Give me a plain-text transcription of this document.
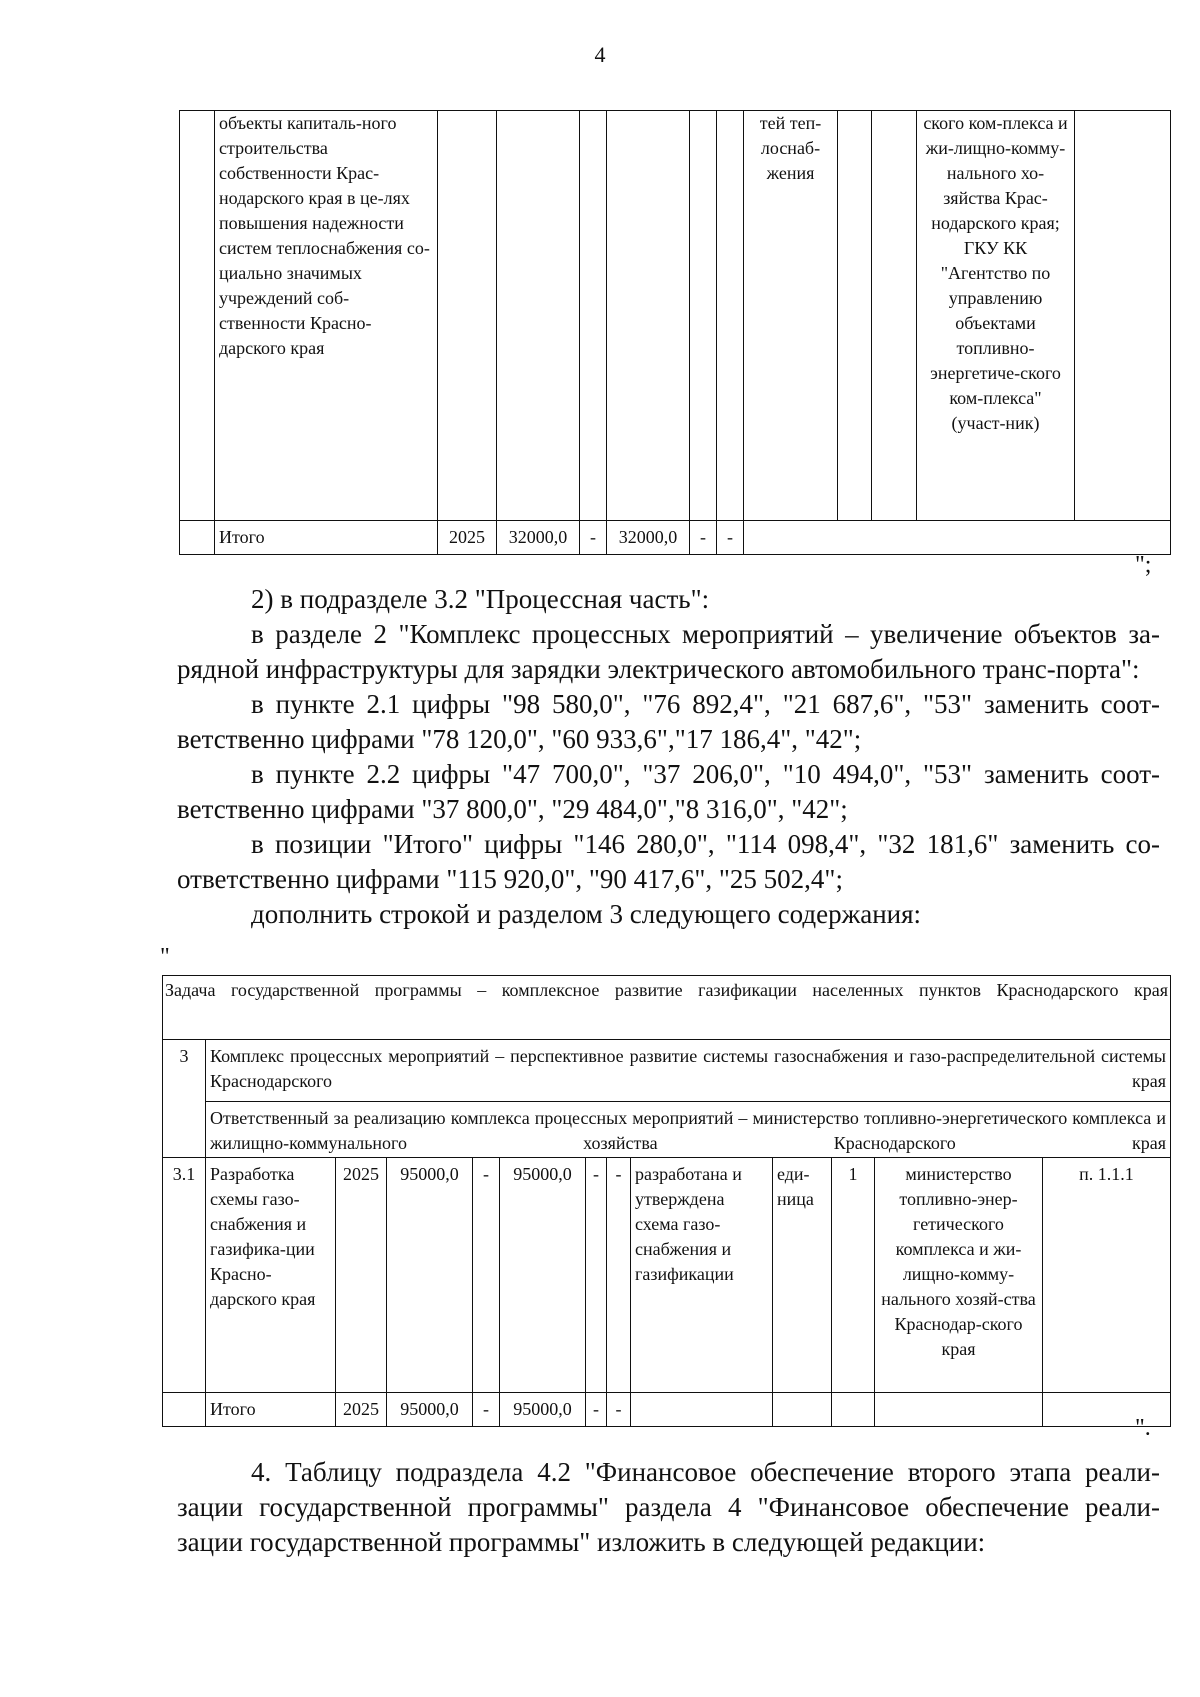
4
	объекты капиталь-ного строительства собственности Крас-нодарского края в це-лях повышения надежности систем теплоснабжения со-циально значимых учреждений соб-ственности Красно-дарского края							тей теп-лоснаб-жения			ского ком-плекса и жи-лищно-комму-нального хо-зяйства Крас-нодарского края; ГКУ КК "Агентство по управлению объектами топливно-энергетиче-ского ком-плекса" (участ-ник)	
	Итого	2025	32000,0	-	32000,0	-	-					
";

2) в подразделе 3.2 "Процессная часть":

в разделе 2 "Комплекс процессных мероприятий – увеличение объектов за-рядной инфраструктуры для зарядки электрического автомобильного транс-порта":

в пункте 2.1 цифры "98 580,0", "76 892,4", "21 687,6", "53" заменить соот-ветственно цифрами "78 120,0", "60 933,6","17 186,4", "42";

в пункте 2.2 цифры "47 700,0", "37 206,0", "10 494,0", "53" заменить соот-ветственно цифрами "37 800,0", "29 484,0","8 316,0", "42";

в позиции "Итого" цифры "146 280,0", "114 098,4", "32 181,6" заменить со-ответственно цифрами "115 920,0", "90 417,6", "25 502,4";

дополнить строкой и разделом 3 следующего содержания:

"
Задача государственной программы – комплексное развитие газификации населенных пунктов Краснодарского края												
3	Комплекс процессных мероприятий – перспективное развитие системы газоснабжения и газо-распределительной системы Краснодарского края											
	Ответственный за реализацию комплекса процессных мероприятий – министерство топливно-энергетического комплекса и жилищно-коммунального хозяйства Краснодарского края											
3.1	Разработка схемы газо-снабжения и газифика-ции Красно-дарского края	2025	95000,0	-	95000,0	-	-	разработана и утверждена схема газо-снабжения и газификации	еди-ница	1	министерство топливно-энер-гетического комплекса и жи-лищно-комму-нального хозяй-ства Краснодар-ского края	п. 1.1.1
	Итого	2025	95000,0	-	95000,0	-	-					
".

4. Таблицу подраздела 4.2 "Финансовое обеспечение второго этапа реали-зации государственной программы" раздела 4 "Финансовое обеспечение реали-зации государственной программы" изложить в следующей редакции:
